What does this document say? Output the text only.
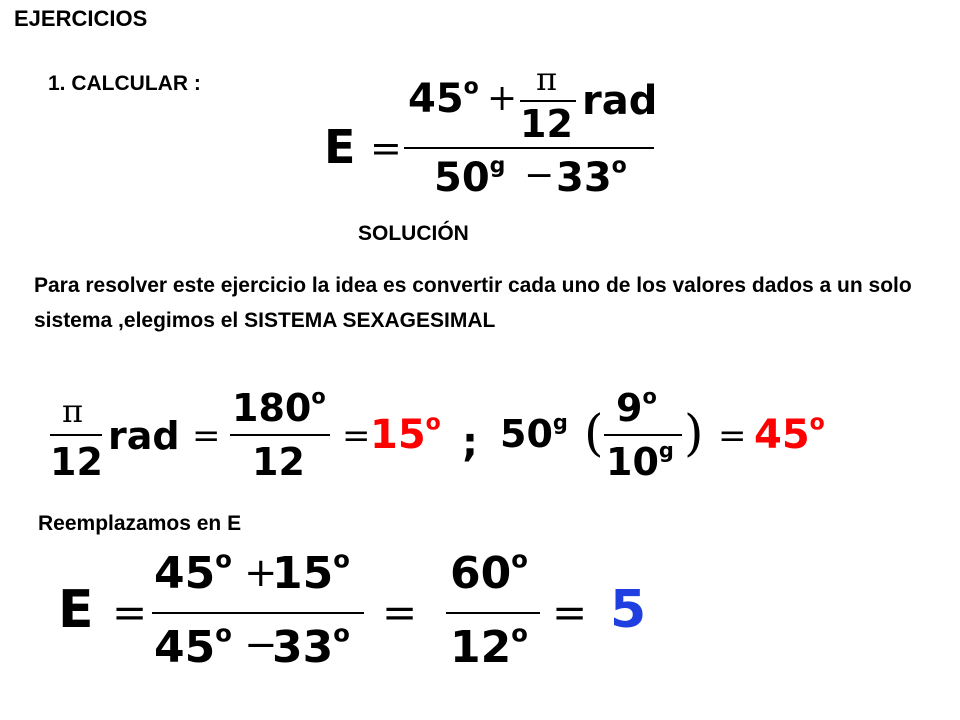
EJERCICIOS
1. CALCULAR :
E =
$45^o + \pi$
12 rad
$50^g - 33^o$
SOLUCIÓN
Para resolver este ejercicio la idea es convertir cada uno de los valores dados a un solo sistema ,elegimos el SISTEMA SEXAGESIMAL
π
12
rad =
$180^o$
12
= $15^o$ ; 50$^g$ ( 9$^o$
10$^g$ ) = $45^o$
Reemplazamos en E
E =
$45^o$ +
$15^o$
$45^o$ −
$33^o$ =
$60^o$
$12^o = 5$
